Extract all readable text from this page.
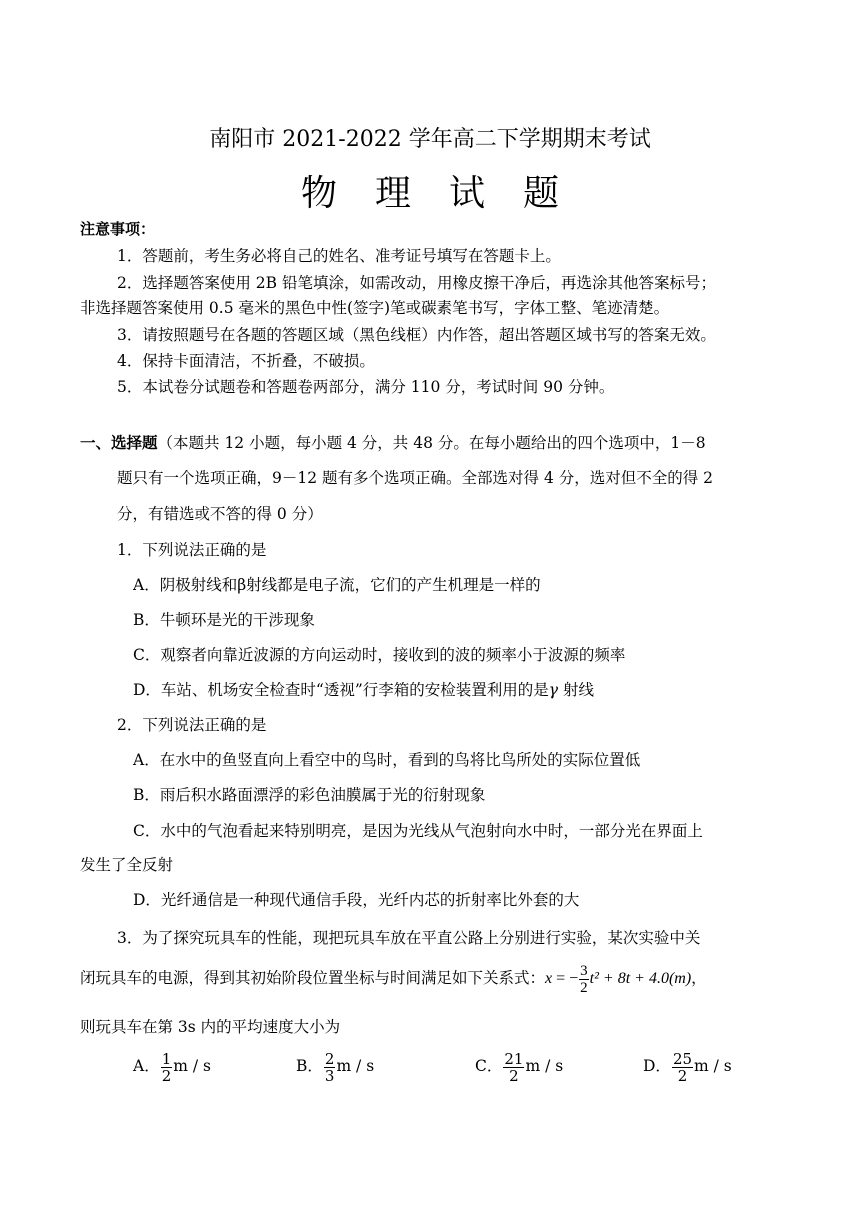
南阳市 2021-2022 学年高二下学期期末考试
物理试题
注意事项：
1．答题前，考生务必将自己的姓名、准考证号填写在答题卡上。
2．选择题答案使用 2B 铅笔填涂，如需改动，用橡皮擦干净后，再选涂其他答案标号；
非选择题答案使用 0.5 毫米的黑色中性(签字)笔或碳素笔书写，字体工整、笔迹清楚。
3．请按照题号在各题的答题区域（黑色线框）内作答，超出答题区域书写的答案无效。
4．保持卡面清洁，不折叠，不破损。
5．本试卷分试题卷和答题卷两部分，满分 110 分，考试时间 90 分钟。
一、选择题（本题共 12 小题，每小题 4 分，共 48 分。在每小题给出的四个选项中，1－8
题只有一个选项正确，9－12 题有多个选项正确。全部选对得 4 分，选对但不全的得 2
分，有错选或不答的得 0 分）
1．下列说法正确的是
A．阴极射线和β射线都是电子流，它们的产生机理是一样的
B．牛顿环是光的干涉现象
C．观察者向靠近波源的方向运动时，接收到的波的频率小于波源的频率
D．车站、机场安全检查时“透视”行李箱的安检装置利用的是γ 射线
2．下列说法正确的是
A．在水中的鱼竖直向上看空中的鸟时，看到的鸟将比鸟所处的实际位置低
B．雨后积水路面漂浮的彩色油膜属于光的衍射现象
C．水中的气泡看起来特别明亮，是因为光线从气泡射向水中时，一部分光在界面上
发生了全反射
D．光纤通信是一种现代通信手段，光纤内芯的折射率比外套的大
3．为了探究玩具车的性能，现把玩具车放在平直公路上分别进行实验，某次实验中关
闭玩具车的电源，得到其初始阶段位置坐标与时间满足如下关系式：x = − $\frac{3}{2} t^2 + 8t + 4.0(m)$，
则玩具车在第 3s 内的平均速度大小为
A． $\frac{1}{2}$ m / s	B． $\frac{2}{3}$ m / s	C． $\frac{21}{2}$ m / s	D． $\frac{25}{2}$ m / s
